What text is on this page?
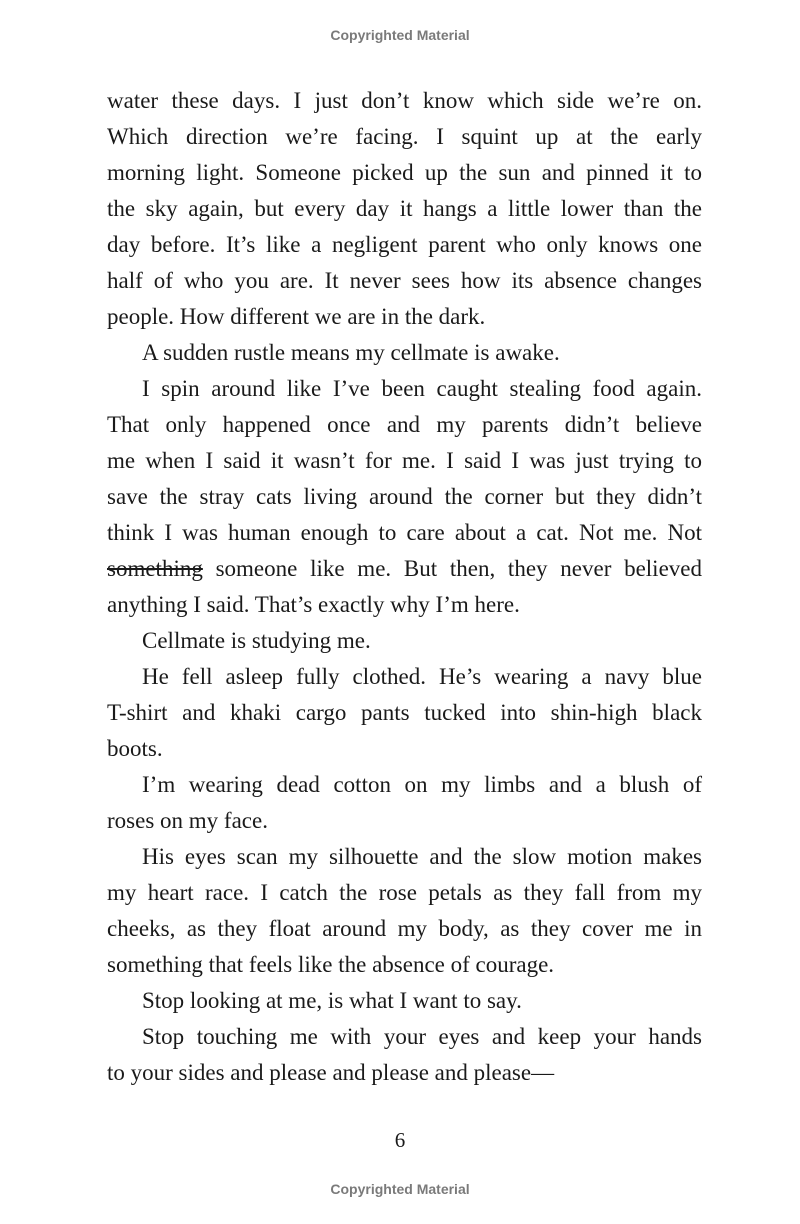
Copyrighted Material
water these days. I just don’t know which side we’re on.
Which direction we’re facing. I squint up at the early
morning light. Someone picked up the sun and pinned it to
the sky again, but every day it hangs a little lower than the
day before. It’s like a negligent parent who only knows one
half of who you are. It never sees how its absence changes
people. How different we are in the dark.
A sudden rustle means my cellmate is awake.
I spin around like I’ve been caught stealing food again.
That only happened once and my parents didn’t believe
me when I said it wasn’t for me. I said I was just trying to
save the stray cats living around the corner but they didn’t
think I was human enough to care about a cat. Not me. Not
something someone like me. But then, they never believed
anything I said. That’s exactly why I’m here.
Cellmate is studying me.
He fell asleep fully clothed. He’s wearing a navy blue
T-shirt and khaki cargo pants tucked into shin-high black
boots.
I’m wearing dead cotton on my limbs and a blush of
roses on my face.
His eyes scan my silhouette and the slow motion makes
my heart race. I catch the rose petals as they fall from my
cheeks, as they float around my body, as they cover me in
something that feels like the absence of courage.
Stop looking at me, is what I want to say.
Stop touching me with your eyes and keep your hands
to your sides and please and please and please—
6
Copyrighted Material
